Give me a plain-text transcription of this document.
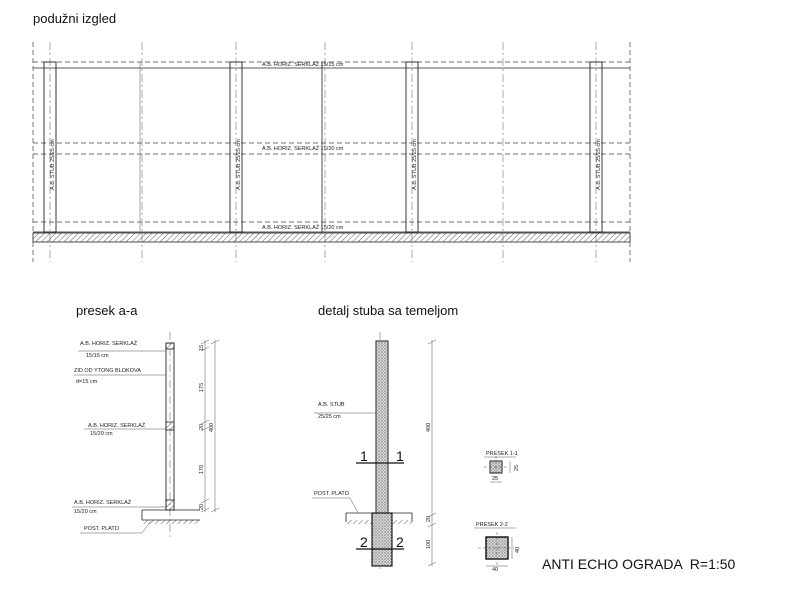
podužni izgled
A.B. HORIZ. SERKLAŽ 15/15 cm
A.B. HORIZ. SERKLAŽ 15/20 cm
A.B. HORIZ. SERKLAŽ 15/20 cm
A.B. STUB 25/25 cm	A.B. STUB 25/25 cm	A.B. STUB 25/25 cm	A.B. STUB 25/25 cm
presek a-a
A.B. HORIZ. SERKLAŽ
15/15 cm
ZID OD YTONG BLOKOVA
d=15 cm
A.B. HORIZ. SERKLAŽ
15/20 cm
A.B. HORIZ. SERKLAŽ
15/20 cm
POST. PLATO
15
175
20
170
20
400
detalj stuba sa temeljom
1 1
2 2
A.B. STUB
25/25 cm
POST. PLATO
400
20
100
PRESEK 1-1
25
25
PRESEK 2-2
40
40
ANTI ECHO OGRADA  R=1:50
